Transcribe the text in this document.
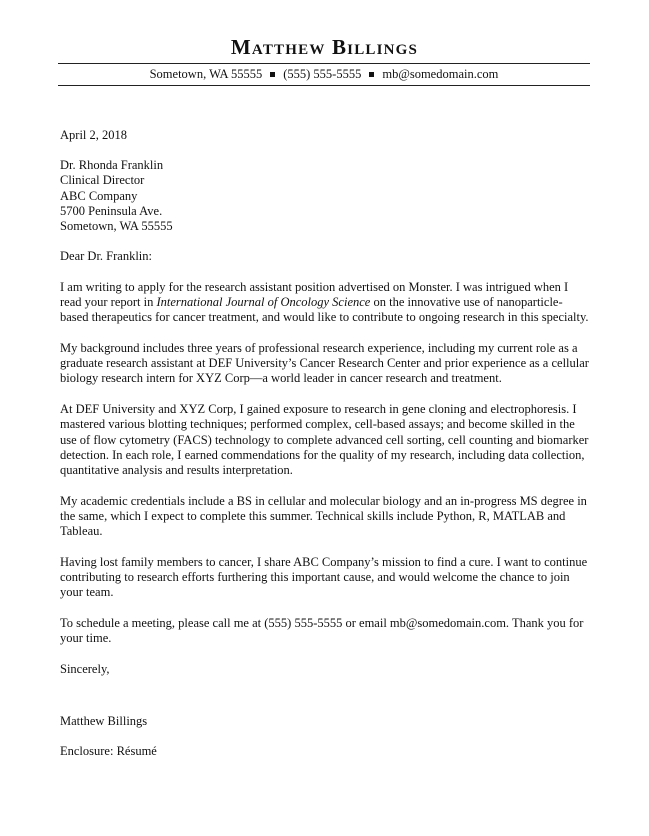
Matthew Billings
Sometown, WA 55555 (555) 555-5555 mb@somedomain.com

April 2, 2018

Dr. Rhonda Franklin
Clinical Director
ABC Company
5700 Peninsula Ave.
Sometown, WA 55555

Dear Dr. Franklin:

I am writing to apply for the research assistant position advertised on Monster. I was intrigued when I read your report in International Journal of Oncology Science on the innovative use of nanoparticle-based therapeutics for cancer treatment, and would like to contribute to ongoing research in this specialty.

My background includes three years of professional research experience, including my current role as a graduate research assistant at DEF University’s Cancer Research Center and prior experience as a cellular biology research intern for XYZ Corp—a world leader in cancer research and treatment.

At DEF University and XYZ Corp, I gained exposure to research in gene cloning and electrophoresis. I mastered various blotting techniques; performed complex, cell-based assays; and become skilled in the use of flow cytometry (FACS) technology to complete advanced cell sorting, cell counting and biomarker detection. In each role, I earned commendations for the quality of my research, including data collection, quantitative analysis and results interpretation.

My academic credentials include a BS in cellular and molecular biology and an in-progress MS degree in the same, which I expect to complete this summer. Technical skills include Python, R, MATLAB and Tableau.

Having lost family members to cancer, I share ABC Company’s mission to find a cure. I want to continue contributing to research efforts furthering this important cause, and would welcome the chance to join your team.

To schedule a meeting, please call me at (555) 555-5555 or email mb@somedomain.com. Thank you for your time.

Sincerely,

Matthew Billings

Enclosure: Résumé
